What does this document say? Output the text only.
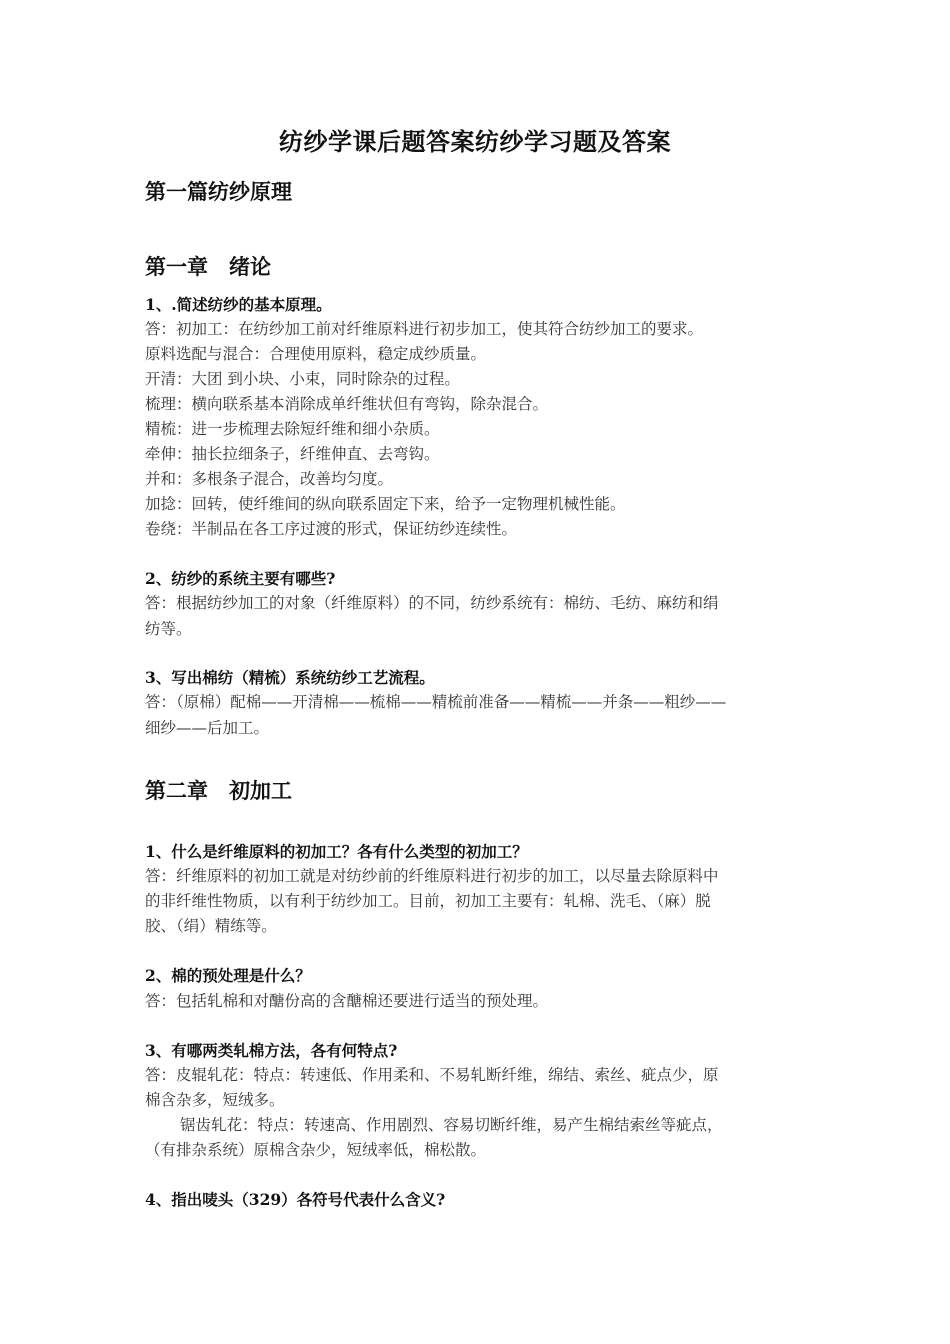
纺纱学课后题答案纺纱学习题及答案
第一篇纺纱原理
第一章　绪论
1、.简述纺纱的基本原理。
答：初加工：在纺纱加工前对纤维原料进行初步加工，使其符合纺纱加工的要求。
原料选配与混合：合理使用原料，稳定成纱质量。
开清：大团 到小块、小束，同时除杂的过程。
梳理：横向联系基本消除成单纤维状但有弯钩，除杂混合。
精梳：进一步梳理去除短纤维和细小杂质。
牵伸：抽长拉细条子，纤维伸直、去弯钩。
并和：多根条子混合，改善均匀度。
加捻：回转，使纤维间的纵向联系固定下来，给予一定物理机械性能。
卷绕：半制品在各工序过渡的形式，保证纺纱连续性。
2、纺纱的系统主要有哪些?
答：根据纺纱加工的对象（纤维原料）的不同，纺纱系统有：棉纺、毛纺、麻纺和绢
纺等。
3、写出棉纺（精梳）系统纺纱工艺流程。
答：（原棉）配棉——开清棉——梳棉——精梳前准备——精梳——并条——粗纱——
细纱——后加工。
第二章　初加工
1、什么是纤维原料的初加工？各有什么类型的初加工？
答：纤维原料的初加工就是对纺纱前的纤维原料进行初步的加工，以尽量去除原料中
的非纤维性物质，以有利于纺纱加工。目前，初加工主要有：轧棉、洗毛、（麻）脱
胶、（绢）精练等。
2、棉的预处理是什么？
答：包括轧棉和对醣份高的含醣棉还要进行适当的预处理。
3、有哪两类轧棉方法，各有何特点?
答：皮辊轧花：特点：转速低、作用柔和、不易轧断纤维，绵结、索丝、疵点少，原
棉含杂多，短绒多。
锯齿轧花：特点：转速高、作用剧烈、容易切断纤维，易产生棉结索丝等疵点，
（有排杂系统）原棉含杂少，短绒率低，棉松散。
4、指出唛头（329）各符号代表什么含义?
